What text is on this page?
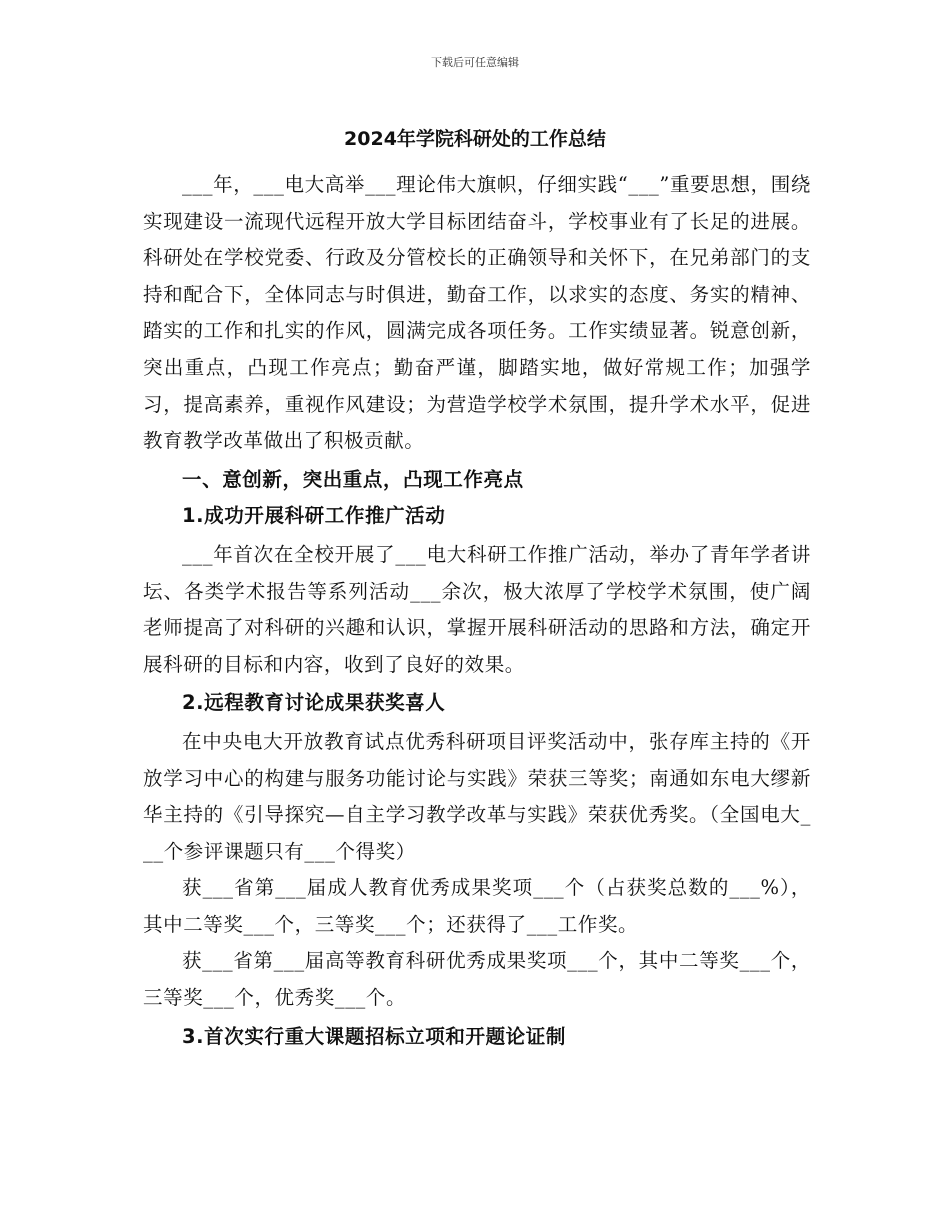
下载后可任意编辑
2024年学院科研处的工作总结

___年，___电大高举___理论伟大旗帜，仔细实践“___”重要思想，围绕实现建设一流现代远程开放大学目标团结奋斗，学校事业有了长足的进展。科研处在学校党委、行政及分管校长的正确领导和关怀下，在兄弟部门的支持和配合下，全体同志与时俱进，勤奋工作，以求实的态度、务实的精神、踏实的工作和扎实的作风，圆满完成各项任务。工作实绩显著。锐意创新，突出重点，凸现工作亮点；勤奋严谨，脚踏实地，做好常规工作；加强学习，提高素养，重视作风建设；为营造学校学术氛围，提升学术水平，促进教育教学改革做出了积极贡献。

一、意创新，突出重点，凸现工作亮点
1.成功开展科研工作推广活动

___年首次在全校开展了___电大科研工作推广活动，举办了青年学者讲坛、各类学术报告等系列活动___余次，极大浓厚了学校学术氛围，使广阔老师提高了对科研的兴趣和认识，掌握开展科研活动的思路和方法，确定开展科研的目标和内容，收到了良好的效果。

2.远程教育讨论成果获奖喜人

在中央电大开放教育试点优秀科研项目评奖活动中，张存库主持的《开放学习中心的构建与服务功能讨论与实践》荣获三等奖；南通如东电大缪新华主持的《引导探究—自主学习教学改革与实践》荣获优秀奖。（全国电大___个参评课题只有___个得奖）

获___省第___届成人教育优秀成果奖项___个（占获奖总数的___%），其中二等奖___个，三等奖___个；还获得了___工作奖。

获___省第___届高等教育科研优秀成果奖项___个，其中二等奖___个，三等奖___个，优秀奖___个。

3.首次实行重大课题招标立项和开题论证制
